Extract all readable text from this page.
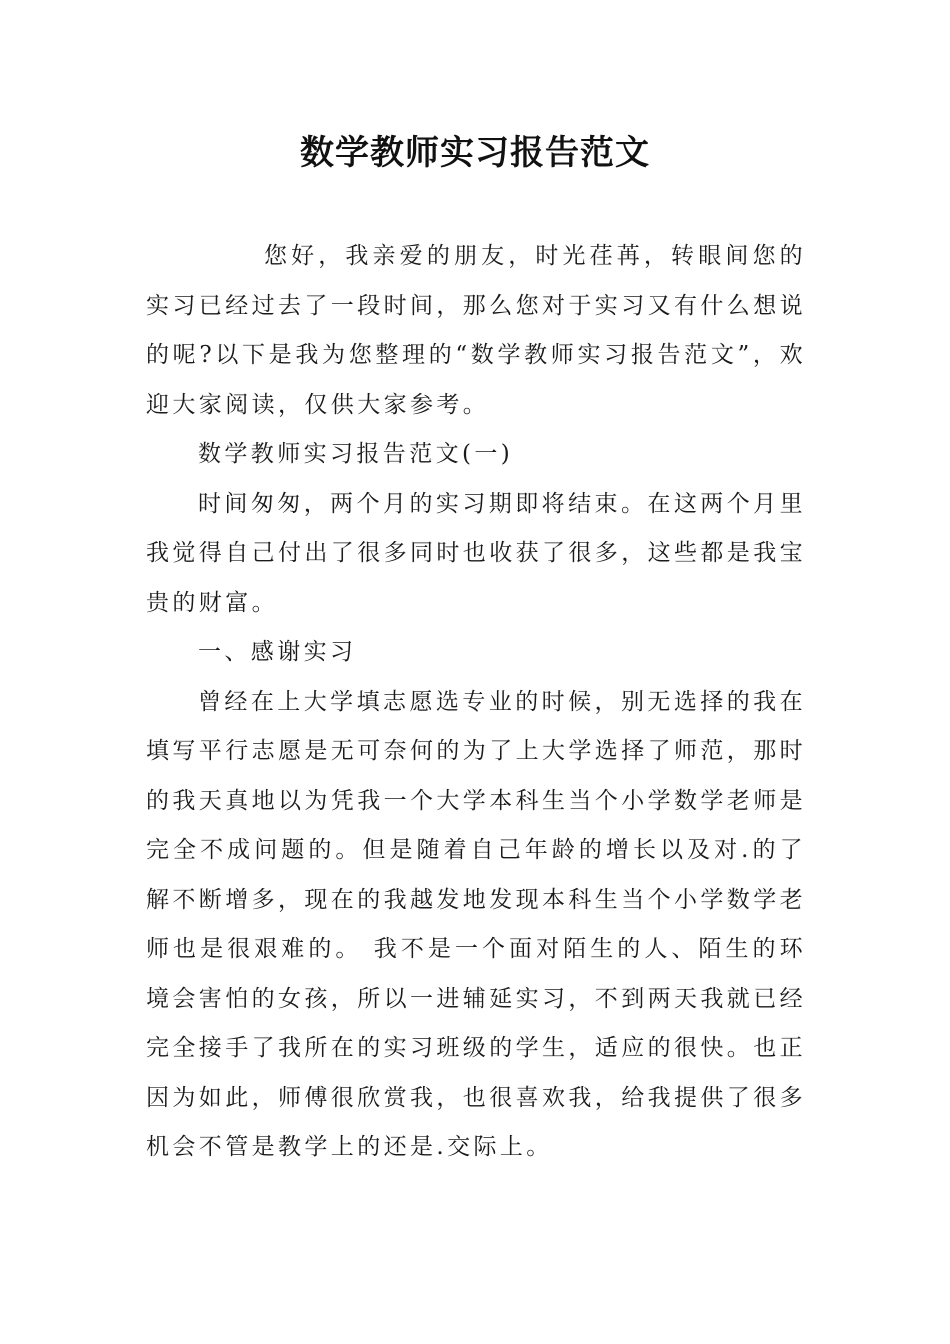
数学教师实习报告范文

您好，我亲爱的朋友，时光荏苒，转眼间您的实习已经过去了一段时间，那么您对于实习又有什么想说的呢?以下是我为您整理的“数学教师实习报告范文”，欢迎大家阅读，仅供大家参考。

数学教师实习报告范文(一)

时间匆匆，两个月的实习期即将结束。在这两个月里我觉得自己付出了很多同时也收获了很多，这些都是我宝贵的财富。

一、感谢实习

曾经在上大学填志愿选专业的时候，别无选择的我在填写平行志愿是无可奈何的为了上大学选择了师范，那时的我天真地以为凭我一个大学本科生当个小学数学老师是完全不成问题的。但是随着自己年龄的增长以及对.的了解不断增多，现在的我越发地发现本科生当个小学数学老师也是很艰难的。 我不是一个面对陌生的人、陌生的环境会害怕的女孩，所以一进辅延实习，不到两天我就已经完全接手了我所在的实习班级的学生，适应的很快。也正因为如此，师傅很欣赏我，也很喜欢我，给我提供了很多机会不管是教学上的还是.交际上。
